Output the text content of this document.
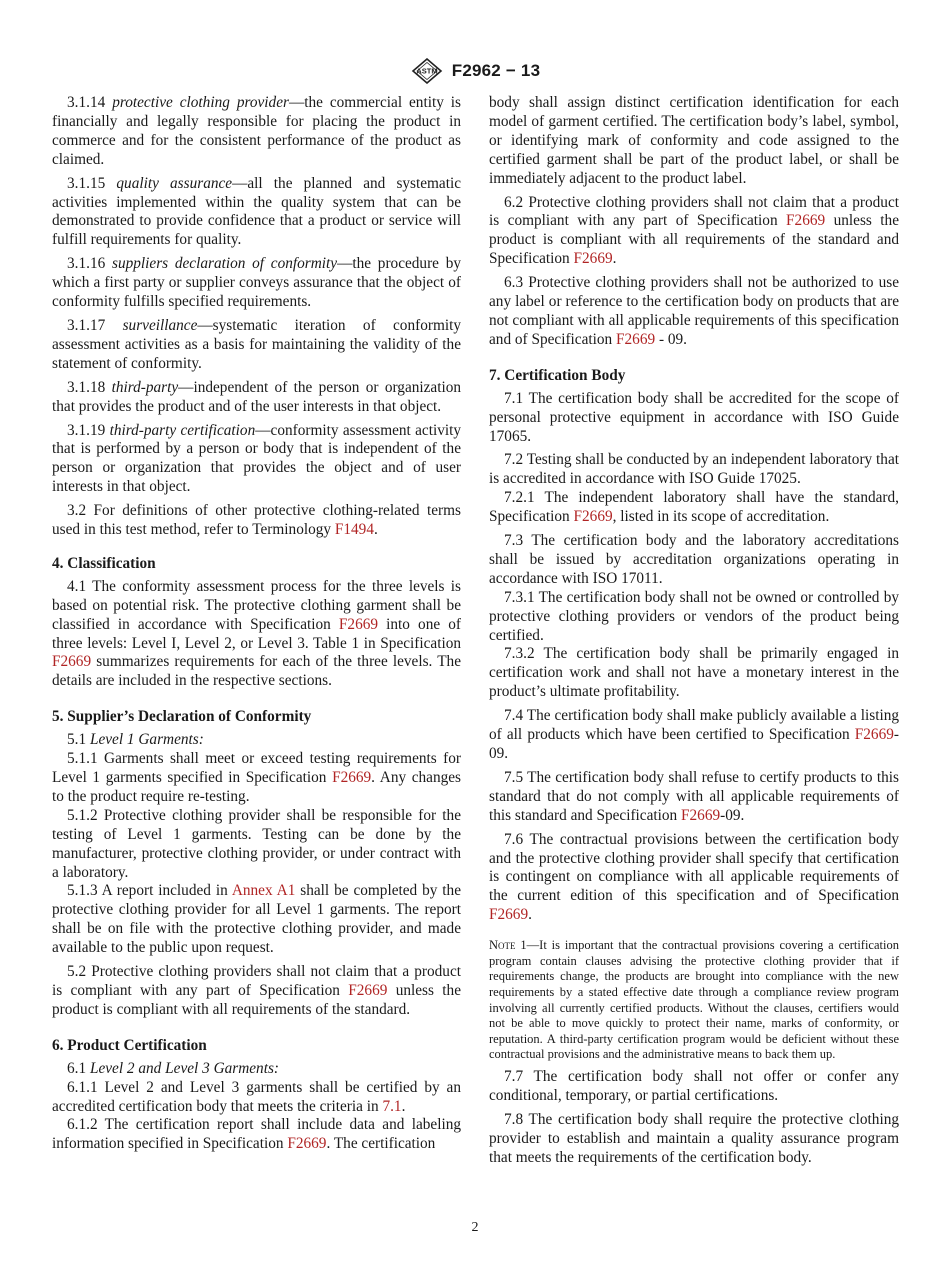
ASTM F2962 − 13

3.1.14 protective clothing provider—the commercial entity is financially and legally responsible for placing the product in commerce and for the consistent performance of the product as claimed.

3.1.15 quality assurance—all the planned and systematic activities implemented within the quality system that can be demonstrated to provide confidence that a product or service will fulfill requirements for quality.

3.1.16 suppliers declaration of conformity—the procedure by which a first party or supplier conveys assurance that the object of conformity fulfills specified requirements.

3.1.17 surveillance—systematic iteration of conformity assessment activities as a basis for maintaining the validity of the statement of conformity.

3.1.18 third-party—independent of the person or organization that provides the product and of the user interests in that object.

3.1.19 third-party certification—conformity assessment activity that is performed by a person or body that is independent of the person or organization that provides the object and of user interests in that object.

3.2 For definitions of other protective clothing-related terms used in this test method, refer to Terminology F1494.

4. Classification

4.1 The conformity assessment process for the three levels is based on potential risk. The protective clothing garment shall be classified in accordance with Specification F2669 into one of three levels: Level I, Level 2, or Level 3. Table 1 in Specification F2669 summarizes requirements for each of the three levels. The details are included in the respective sections.

5. Supplier’s Declaration of Conformity

5.1 Level 1 Garments:

5.1.1 Garments shall meet or exceed testing requirements for Level 1 garments specified in Specification F2669. Any changes to the product require re-testing.

5.1.2 Protective clothing provider shall be responsible for the testing of Level 1 garments. Testing can be done by the manufacturer, protective clothing provider, or under contract with a laboratory.

5.1.3 A report included in Annex A1 shall be completed by the protective clothing provider for all Level 1 garments. The report shall be on file with the protective clothing provider, and made available to the public upon request.

5.2 Protective clothing providers shall not claim that a product is compliant with any part of Specification F2669 unless the product is compliant with all requirements of the standard.

6. Product Certification

6.1 Level 2 and Level 3 Garments:

6.1.1 Level 2 and Level 3 garments shall be certified by an accredited certification body that meets the criteria in 7.1.

6.1.2 The certification report shall include data and labeling information specified in Specification F2669. The certification

body shall assign distinct certification identification for each model of garment certified. The certification body’s label, symbol, or identifying mark of conformity and code assigned to the certified garment shall be part of the product label, or shall be immediately adjacent to the product label.

6.2 Protective clothing providers shall not claim that a product is compliant with any part of Specification F2669 unless the product is compliant with all requirements of the standard and Specification F2669.

6.3 Protective clothing providers shall not be authorized to use any label or reference to the certification body on products that are not compliant with all applicable requirements of this specification and of Specification F2669 - 09.

7. Certification Body

7.1 The certification body shall be accredited for the scope of personal protective equipment in accordance with ISO Guide 17065.

7.2 Testing shall be conducted by an independent laboratory that is accredited in accordance with ISO Guide 17025.

7.2.1 The independent laboratory shall have the standard, Specification F2669, listed in its scope of accreditation.

7.3 The certification body and the laboratory accreditations shall be issued by accreditation organizations operating in accordance with ISO 17011.

7.3.1 The certification body shall not be owned or controlled by protective clothing providers or vendors of the product being certified.

7.3.2 The certification body shall be primarily engaged in certification work and shall not have a monetary interest in the product’s ultimate profitability.

7.4 The certification body shall make publicly available a listing of all products which have been certified to Specification F2669-09.

7.5 The certification body shall refuse to certify products to this standard that do not comply with all applicable requirements of this standard and Specification F2669-09.

7.6 The contractual provisions between the certification body and the protective clothing provider shall specify that certification is contingent on compliance with all applicable requirements of the current edition of this specification and of Specification F2669.

Note 1—It is important that the contractual provisions covering a certification program contain clauses advising the protective clothing provider that if requirements change, the products are brought into compliance with the new requirements by a stated effective date through a compliance review program involving all currently certified products. Without the clauses, certifiers would not be able to move quickly to protect their name, marks of conformity, or reputation. A third-party certification program would be deficient without these contractual provisions and the administrative means to back them up.

7.7 The certification body shall not offer or confer any conditional, temporary, or partial certifications.

7.8 The certification body shall require the protective clothing provider to establish and maintain a quality assurance program that meets the requirements of the certification body.

2
